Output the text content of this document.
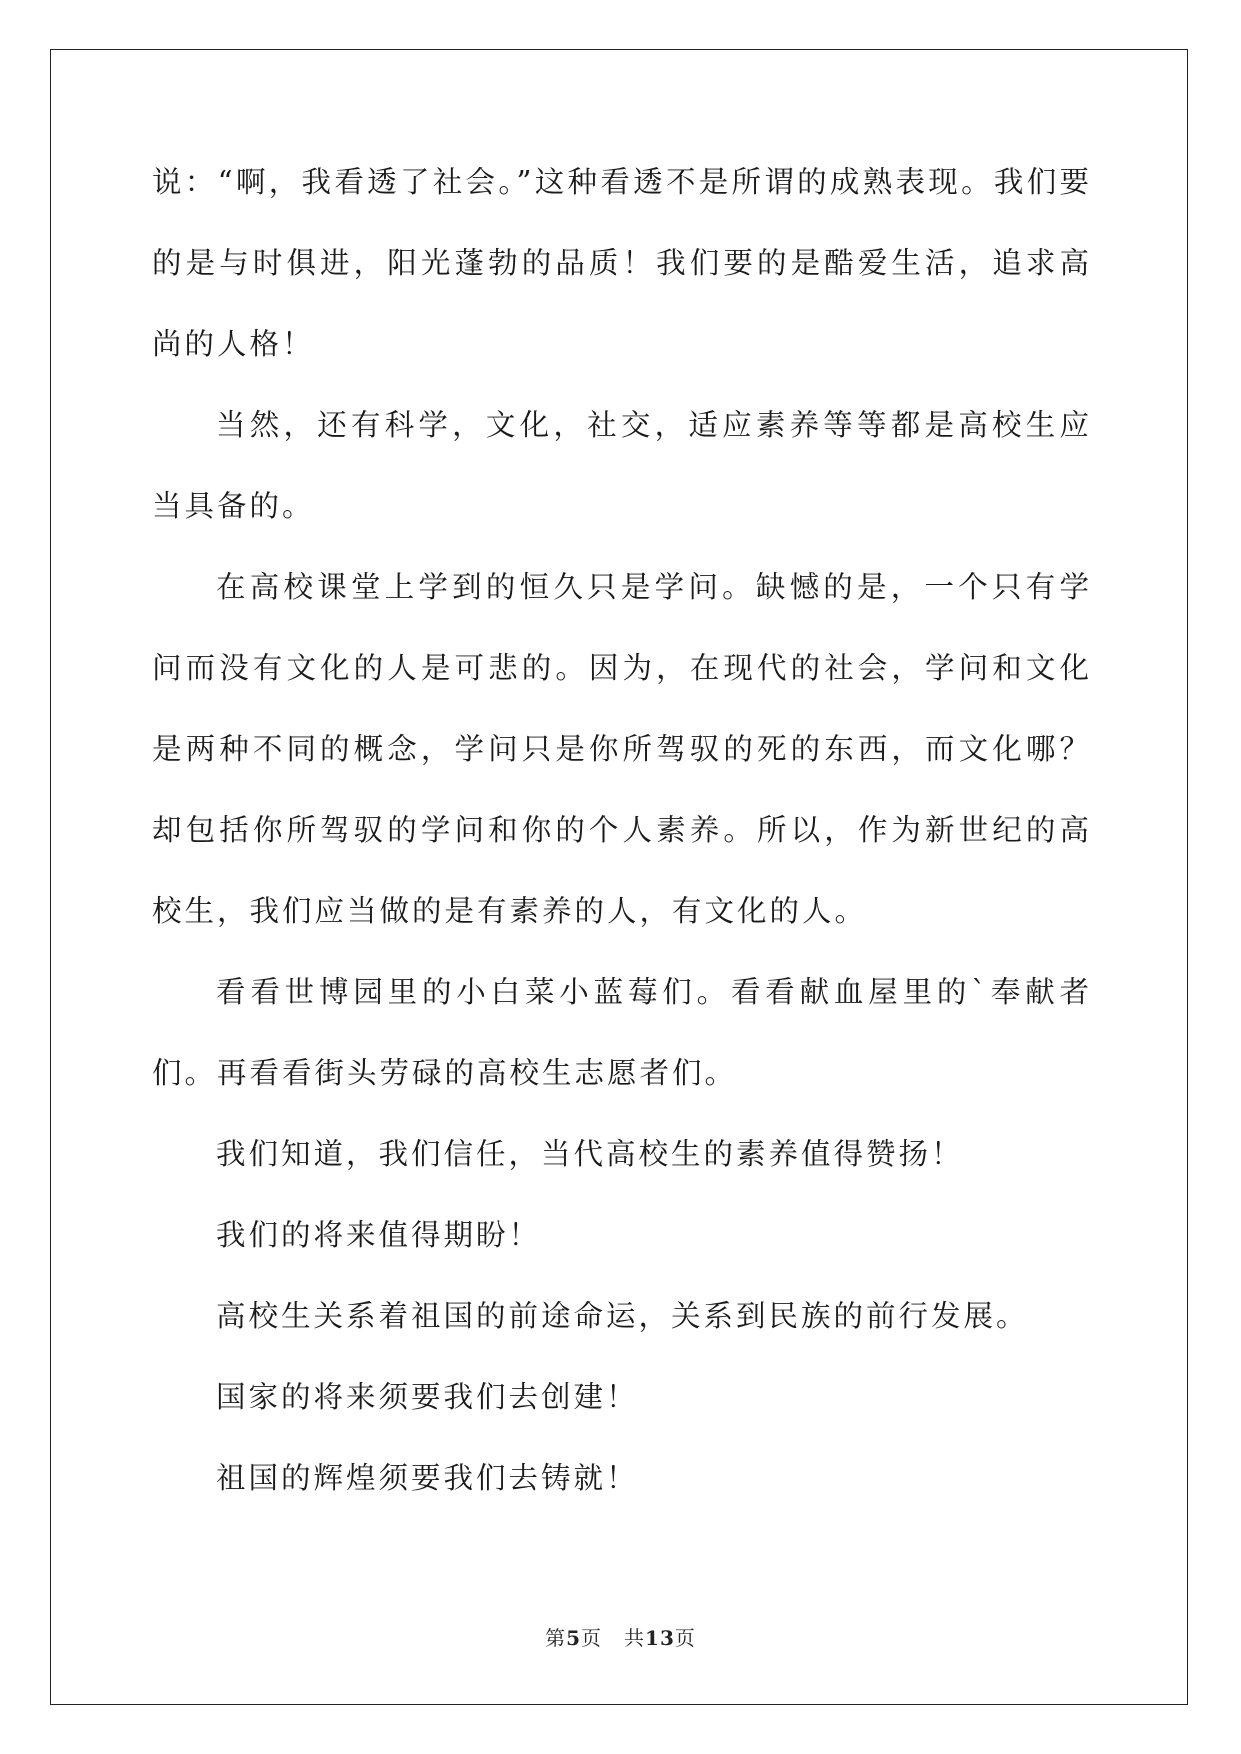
说：“啊，我看透了社会。”这种看透不是所谓的成熟表现。我们要的是与时俱进，阳光蓬勃的品质！我们要的是酷爱生活，追求高尚的人格！

当然，还有科学，文化，社交，适应素养等等都是高校生应当具备的。

在高校课堂上学到的恒久只是学问。缺憾的是，一个只有学问而没有文化的人是可悲的。因为，在现代的社会，学问和文化是两种不同的概念，学问只是你所驾驭的死的东西，而文化哪？却包括你所驾驭的学问和你的个人素养。所以，作为新世纪的高校生，我们应当做的是有素养的人，有文化的人。

看看世博园里的小白菜小蓝莓们。看看献血屋里的`奉献者们。再看看街头劳碌的高校生志愿者们。

我们知道，我们信任，当代高校生的素养值得赞扬！

我们的将来值得期盼！

高校生关系着祖国的前途命运，关系到民族的前行发展。

国家的将来须要我们去创建！

祖国的辉煌须要我们去铸就！

第5页 共13页
